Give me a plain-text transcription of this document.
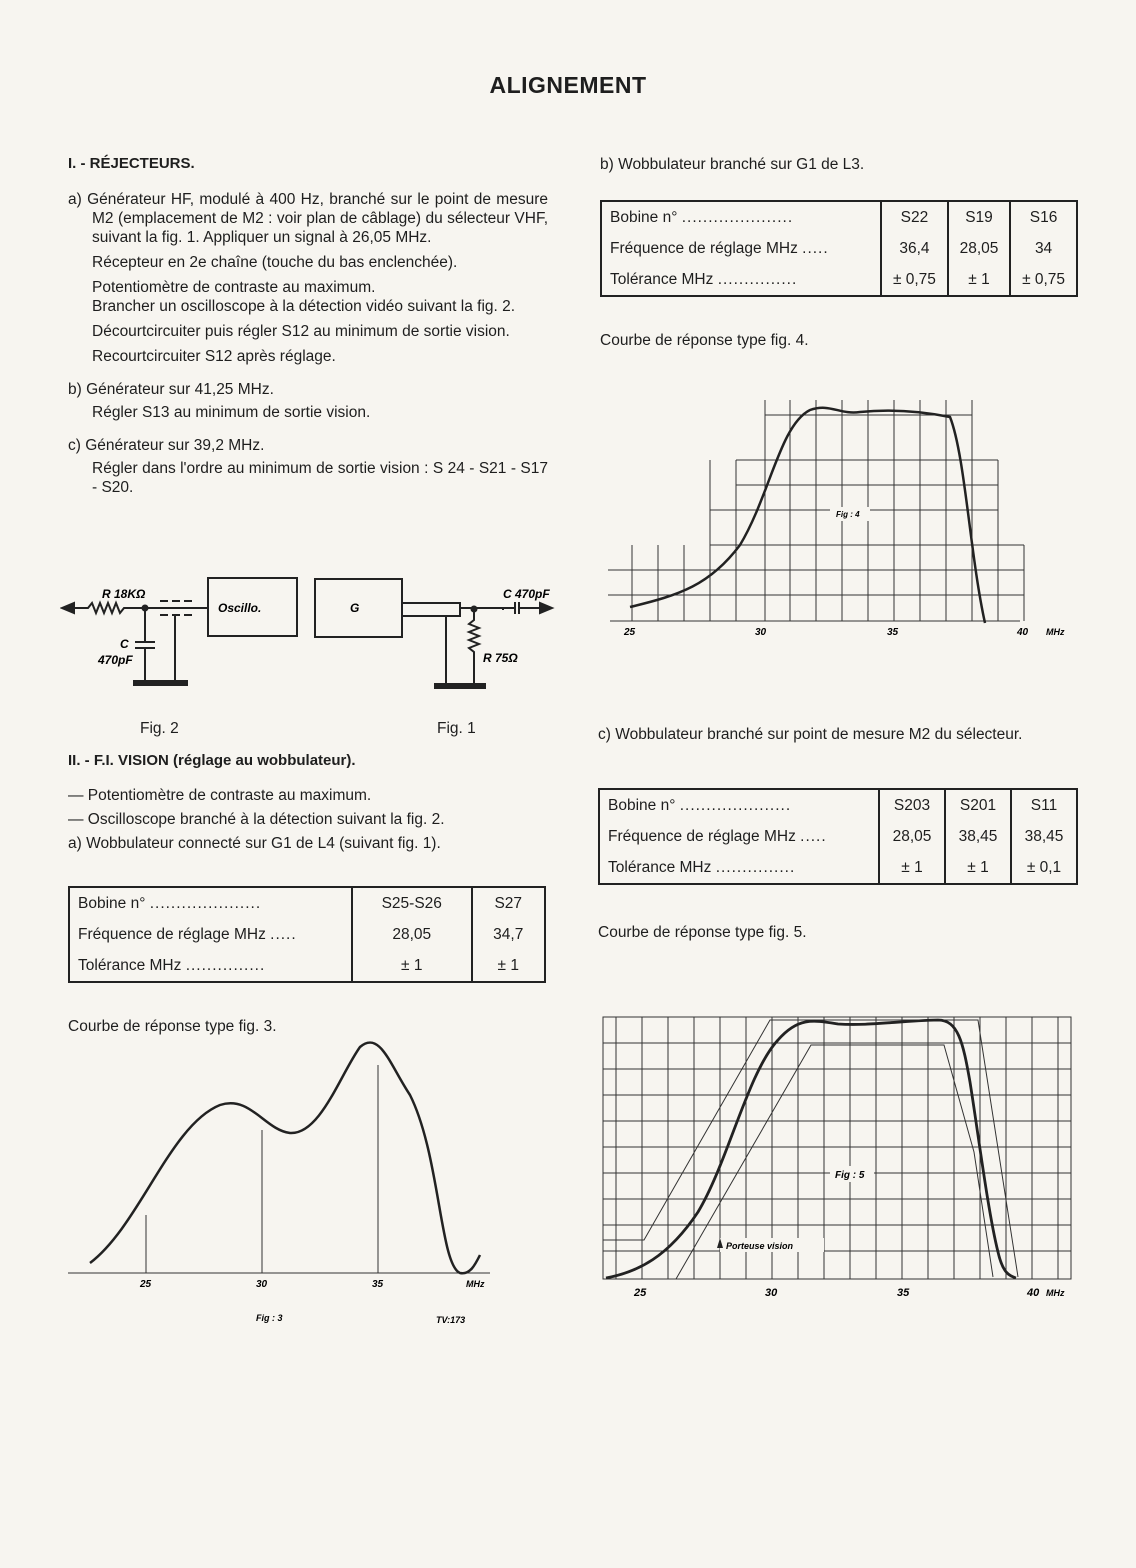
ALIGNEMENT
I. - RÉJECTEURS.
a) Générateur HF, modulé à 400 Hz, branché sur le point de mesure M2 (emplacement de M2 : voir plan de câblage) du sélecteur VHF, suivant la fig. 1. Appliquer un signal à 26,05 MHz.
Récepteur en 2e chaîne (touche du bas enclenchée).
Potentiomètre de contraste au maximum.
Brancher un oscilloscope à la détection vidéo suivant la fig. 2.
Décourtcircuiter puis régler S12 au minimum de sortie vision.
Recourtcircuiter S12 après réglage.
b) Générateur sur 41,25 MHz.
Régler S13 au minimum de sortie vision.
c) Générateur sur 39,2 MHz.
Régler dans l'ordre au minimum de sortie vision : S 24 - S21 - S17 - S20.
R 18KΩ
C
470pF
Oscillo.	G
C 470pF
R 75Ω
Fig. 2	Fig. 1
II. - F.I. VISION (réglage au wobbulateur).
— Potentiomètre de contraste au maximum.
— Oscilloscope branché à la détection suivant la fig. 2.
a) Wobbulateur connecté sur G1 de L4 (suivant fig. 1).
Bobine n° .....................	S25-S26	S27
Fréquence de réglage MHz .....	28,05	34,7
Tolérance MHz ...............	± 1	± 1
Courbe de réponse type fig. 3.
25	30	35	MHz
Fig : 3	TV:173
b) Wobbulateur branché sur G1 de L3.
Bobine n° .....................	S22	S19	S16
Fréquence de réglage MHz .....	36,4	28,05	34
Tolérance MHz ...............	± 0,75	± 1	± 0,75
Courbe de réponse type fig. 4.
Fig : 4
25	30	35	40 MHz
c) Wobbulateur branché sur point de mesure M2 du sélecteur.
Bobine n° .....................	S203	S201	S11
Fréquence de réglage MHz .....	28,05	38,45	38,45
Tolérance MHz ...............	± 1	± 1	± 0,1
Courbe de réponse type fig. 5.
Porteuse vision
Fig : 5
25	30	35	40 MHz
